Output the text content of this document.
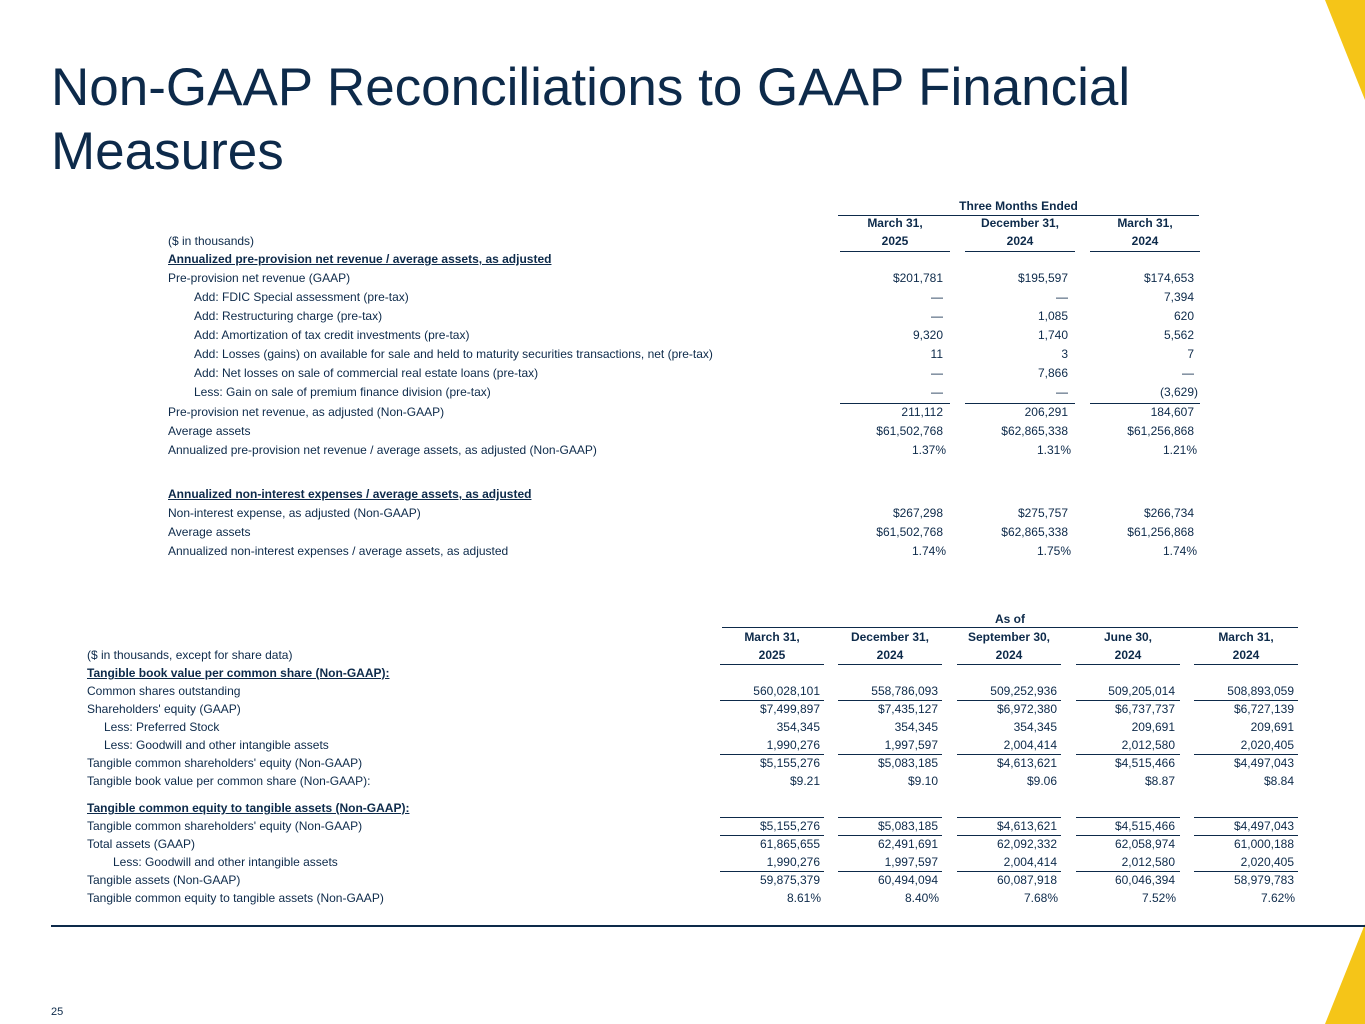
Non-GAAP Reconciliations to GAAP Financial Measures
Three Months Ended
March 31,	December 31,	March 31,
($ in thousands)	2025	2024	2024
Annualized pre-provision net revenue / average assets, as adjusted
Pre-provision net revenue (GAAP)	$201,781	$195,597	$174,653
Add: FDIC Special assessment (pre-tax)	—	—	7,394
Add: Restructuring charge (pre-tax)	—	1,085	620
Add: Amortization of tax credit investments (pre-tax)	9,320	1,740	5,562
Add: Losses (gains) on available for sale and held to maturity securities transactions, net (pre-tax)	11	3	7
Add: Net losses on sale of commercial real estate loans (pre-tax)	—	7,866	—
Less: Gain on sale of premium finance division (pre-tax)	—	—	(3,629)
Pre-provision net revenue, as adjusted (Non-GAAP)	211,112	206,291	184,607
Average assets	$61,502,768	$62,865,338	$61,256,868
Annualized pre-provision net revenue / average assets, as adjusted (Non-GAAP)	1.37%	1.31%	1.21%
Annualized non-interest expenses / average assets, as adjusted
Non-interest expense, as adjusted (Non-GAAP)	$267,298	$275,757	$266,734
Average assets	$61,502,768	$62,865,338	$61,256,868
Annualized non-interest expenses / average assets, as adjusted	1.74%	1.75%	1.74%
As of
March 31,	December 31,	September 30,	June 30,	March 31,
($ in thousands, except for share data)	2025	2024	2024	2024	2024
Tangible book value per common share (Non-GAAP):
Common shares outstanding	560,028,101	558,786,093	509,252,936	509,205,014	508,893,059
Shareholders' equity (GAAP)	$7,499,897	$7,435,127	$6,972,380	$6,737,737	$6,727,139
Less: Preferred Stock	354,345	354,345	354,345	209,691	209,691
Less: Goodwill and other intangible assets	1,990,276	1,997,597	2,004,414	2,012,580	2,020,405
Tangible common shareholders' equity (Non-GAAP)	$5,155,276	$5,083,185	$4,613,621	$4,515,466	$4,497,043
Tangible book value per common share (Non-GAAP):	$9.21	$9.10	$9.06	$8.87	$8.84
Tangible common equity to tangible assets (Non-GAAP):
Tangible common shareholders' equity (Non-GAAP)	$5,155,276	$5,083,185	$4,613,621	$4,515,466	$4,497,043
Total assets (GAAP)	61,865,655	62,491,691	62,092,332	62,058,974	61,000,188
Less: Goodwill and other intangible assets	1,990,276	1,997,597	2,004,414	2,012,580	2,020,405
Tangible assets (Non-GAAP)	59,875,379	60,494,094	60,087,918	60,046,394	58,979,783
Tangible common equity to tangible assets (Non-GAAP)	8.61%	8.40%	7.68%	7.52%	7.62%
25
